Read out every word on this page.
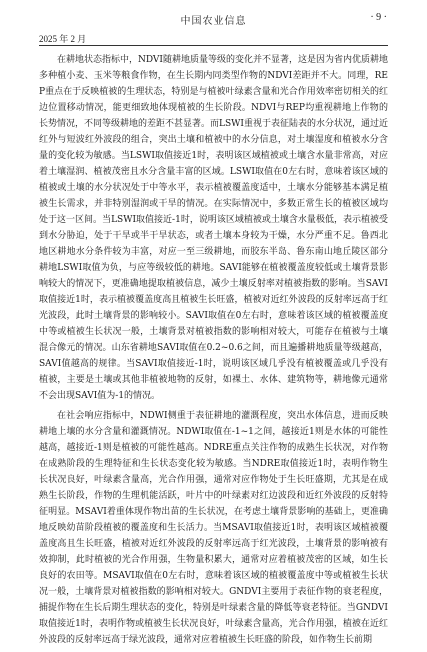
中国农业信息	· 9 ·
2025 年 2 月

在耕地状态指标中，NDVI随耕地质量等级的变化并不显著，这是因为省内优质耕地多种植小麦、玉米等粮食作物，在生长期内同类型作物的NDVI差距并不大。同理，REP重点在于反映植被的生理状态，特别是与植被叶绿素含量和光合作用效率密切相关的红边位置移动情况，能更细致地体现植被的生长阶段。NDVI与REP均重视耕地上作物的长势情况，不同等级耕地的差距不甚显著。而LSWI重视于表征陆表的水分状况，通过近红外与短波红外波段的组合，突出土壤和植被中的水分信息，对土壤湿度和植被水分含量的变化较为敏感。当LSWI取值接近1时，表明该区域植被或土壤含水量非常高，对应着土壤湿润、植被茂密且水分含量丰富的区域。LSWI取值在0左右时，意味着该区域的植被或土壤的水分状况处于中等水平，表示植被覆盖度适中，土壤水分能够基本满足植被生长需求，并非特别湿润或干旱的情况。在实际情况中，多数正常生长的植被区域均处于这一区间。当LSWI取值接近-1时，说明该区域植被或土壤含水量极低，表示植被受到水分胁迫，处于干旱或半干旱状态，或者土壤本身较为干燥，水分严重不足。鲁西北地区耕地水分条件较为丰富，对应一至三级耕地，而胶东半岛、鲁东南山地丘陵区部分耕地LSWI取值为负，与应等级较低的耕地。SAVI能够在植被覆盖度较低或土壤背景影响较大的情况下，更准确地提取植被信息，减少土壤反射率对植被指数的影响。当SAVI取值接近1时，表示植被覆盖度高且植被生长旺盛，植被对近红外波段的反射率远高于红光波段，此时土壤背景的影响较小。SAVI取值在0左右时，意味着该区域的植被覆盖度中等或植被生长状况一般，土壤背景对植被指数的影响相对较大，可能存在植被与土壤混合像元的情况。山东省耕地SAVI取值在0.2~0.6之间，而且遍播耕地质量等级越高，SAVI值越高的规律。当SAVI取值接近-1时，说明该区域几乎没有植被覆盖或几乎没有植被，主要是土壤或其他非植被地物的反射，如裸土、水体、建筑物等，耕地像元通常不会出现SAVI值为-1的情况。

在社会响应指标中，NDWI侧重于表征耕地的灌溉程度，突出水体信息，进而反映耕地上壤的水分含量和灌溉情况。NDWI取值在-1~1之间，越接近1则是水体的可能性越高，越接近-1则是植被的可能性越高。NDRE重点关注作物的成熟生长状况，对作物在成熟阶段的生理特征和生长状态变化较为敏感。当NDRE取值接近1时，表明作物生长状况良好，叶绿素含量高，光合作用强，通常对应作物处于生长旺盛期，尤其是在成熟生长阶段，作物的生理机能活跃，叶片中的叶绿素对红边波段和近红外波段的反射特征明显。MSAVI着重体现作物出苗的生长状况，在考虑土壤背景影响的基础上，更准确地反映幼苗阶段植被的覆盖度和生长活力。当MSAVI取值接近1时，表明该区域植被覆盖度高且生长旺盛，植被对近红外波段的反射率远高于红光波段，土壤背景的影响被有效抑制，此时植被的光合作用强，生物量积累大，通常对应着植被茂密的区域，如生长良好的农田等。MSAVI取值在0左右时，意味着该区域的植被覆盖度中等或植被生长状况一般，土壤背景对植被指数的影响相对较大。GNDVI主要用于表征作物的衰老程度，捕捉作物在生长后期生理状态的变化，特别是叶绿素含量的降低等衰老特征。当GNDVI取值接近1时，表明作物或植被生长状况良好，叶绿素含量高，光合作用强，植被在近红外波段的反射率远高于绿光波段，通常对应着植被生长旺盛的阶段，如作物生长前期
